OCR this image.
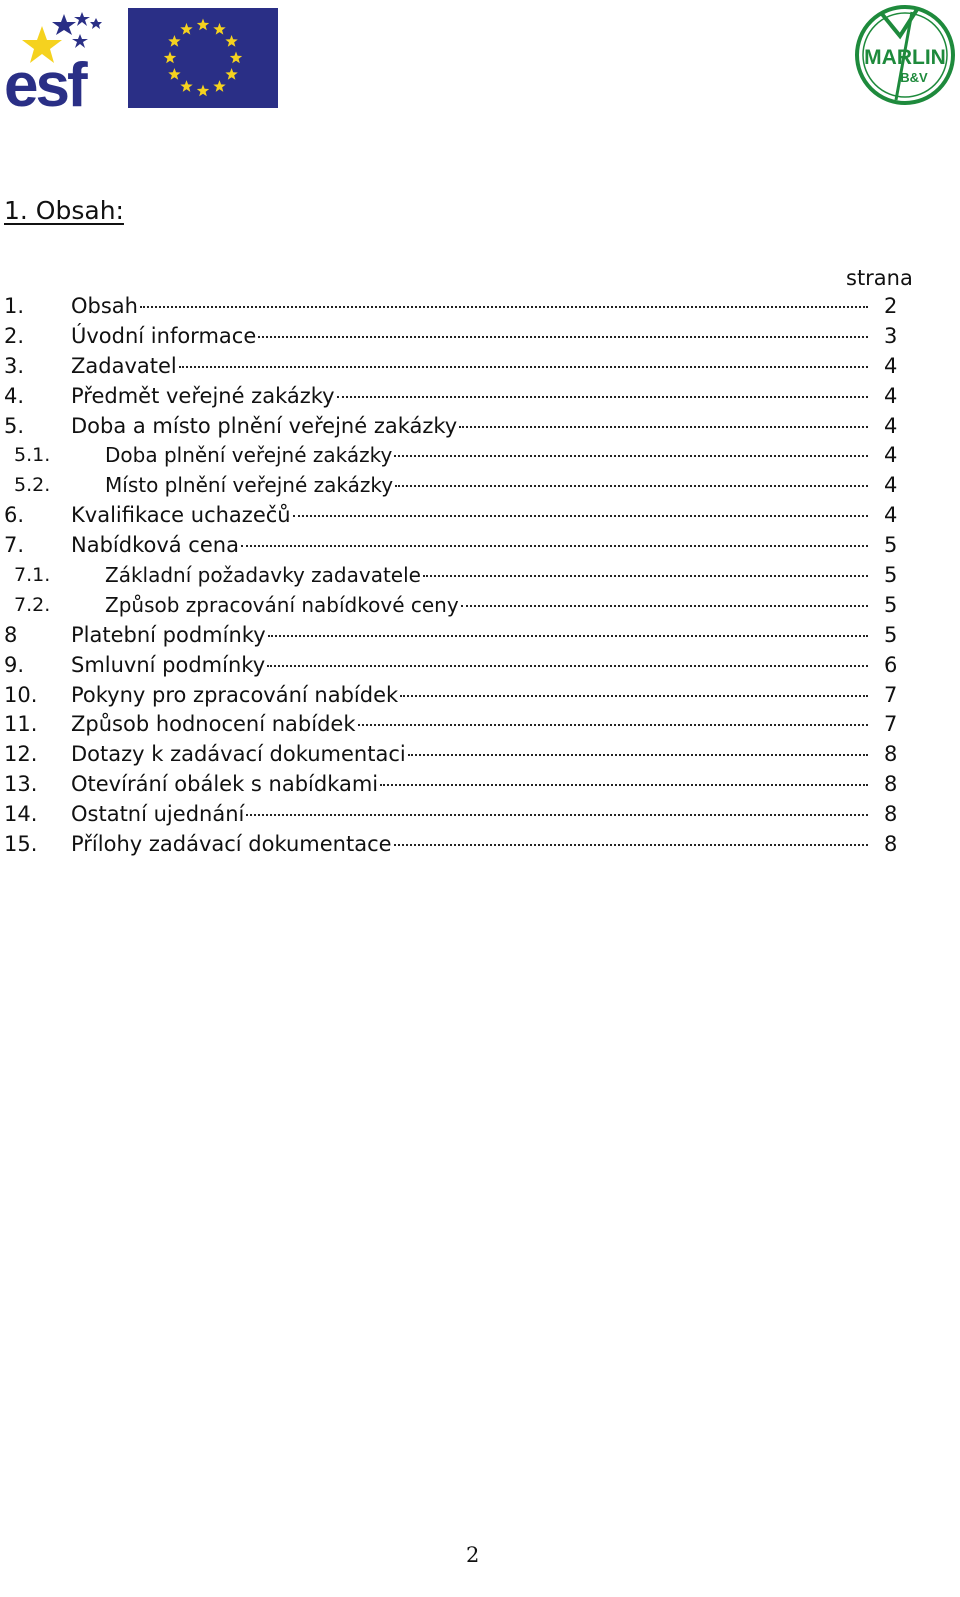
esf	MARLIN
B&V
1. Obsah:
strana
1. Obsah	2
2. Úvodní informace	3
3. Zadavatel	4
4. Předmět veřejné zakázky	4
5. Doba a místo plnění veřejné zakázky	4
5.1.	Doba plnění veřejné zakázky	4
5.2.	Místo plnění veřejné zakázky	4
6. Kvalifikace uchazečů	4
7. Nabídková cena	5
7.1.	Základní požadavky zadavatele	5
7.2.	Způsob zpracování nabídkové ceny	5
8	Platební podmínky	5
9. Smluvní podmínky	6
10. Pokyny pro zpracování nabídek	7
11. Způsob hodnocení nabídek	7
12. Dotazy k zadávací dokumentaci	8
13. Otevírání obálek s nabídkami	8
14. Ostatní ujednání	8
15. Přílohy zadávací dokumentace	8
2
